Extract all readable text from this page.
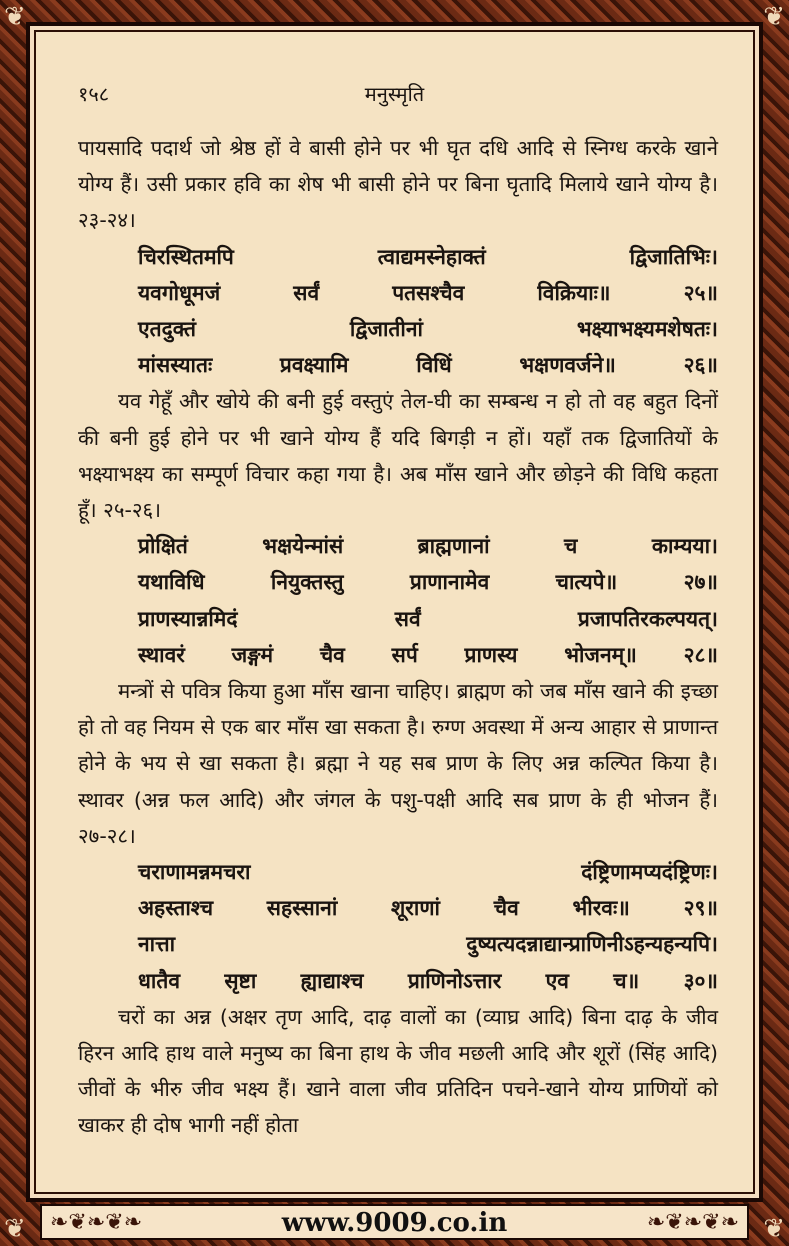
❦	❦
❦	❦
मनुस्मृति
१५८

पायसादि पदार्थ जो श्रेष्ठ हों वे बासी होने पर भी घृत दधि आदि से स्निग्ध करके खाने योग्य हैं। उसी प्रकार हवि का शेष भी बासी होने पर बिना घृतादि मिलाये खाने योग्य है। २३-२४।

चिरस्थितमपि त्वाद्यमस्नेहाक्तं द्विजातिभिः।

यवगोधूमजं सर्वं पतसश्चैव विक्रियाः॥ २५॥

एतदुक्तं द्विजातीनां भक्ष्याभक्ष्यमशेषतः।

मांसस्यातः प्रवक्ष्यामि विधिं भक्षणवर्जने॥ २६॥

यव गेहूँ और खोये की बनी हुई वस्तुएं तेल-घी का सम्बन्ध न हो तो वह बहुत दिनों की बनी हुई होने पर भी खाने योग्य हैं यदि बिगड़ी न हों। यहाँ तक द्विजातियों के भक्ष्याभक्ष्य का सम्पूर्ण विचार कहा गया है। अब माँस खाने और छोड़ने की विधि कहता हूँ। २५-२६।

प्रोक्षितं भक्षयेन्मांसं ब्राह्मणानां च काम्यया।

यथाविधि नियुक्तस्तु प्राणानामेव चात्यपे॥ २७॥

प्राणस्यान्नमिदं सर्वं प्रजापतिरकल्पयत्।

स्थावरं जङ्गमं चैव सर्प प्राणस्य भोजनम्॥ २८॥

मन्त्रों से पवित्र किया हुआ माँस खाना चाहिए। ब्राह्मण को जब माँस खाने की इच्छा हो तो वह नियम से एक बार माँस खा सकता है। रुग्ण अवस्था में अन्य आहार से प्राणान्त होने के भय से खा सकता है। ब्रह्मा ने यह सब प्राण के लिए अन्न कल्पित किया है। स्थावर (अन्न फल आदि) और जंगल के पशु-पक्षी आदि सब प्राण के ही भोजन हैं। २७-२८।

चराणामन्नमचरा दंष्ट्रिणामप्यदंष्ट्रिणः।

अहस्ताश्च सहस्सानां शूराणां चैव भीरवः॥ २९॥

नात्ता दुष्यत्यदन्नाद्यान्प्राणिनीऽहन्यहन्यपि।

धातैव सृष्टा ह्याद्याश्च प्राणिनोऽत्तार एव च॥ ३०॥

चरों का अन्न (अक्षर तृण आदि, दाढ़ वालों का (व्याघ्र आदि) बिना दाढ़ के जीव हिरन आदि हाथ वाले मनुष्य का बिना हाथ के जीव मछली आदि और शूरों (सिंह आदि) जीवों के भीरु जीव भक्ष्य हैं। खाने वाला जीव प्रतिदिन पचने-खाने योग्य प्राणियों को खाकर ही दोष भागी नहीं होता

❧❦❧❦❧	❧❦❧❦❧
www.9009.co.in
